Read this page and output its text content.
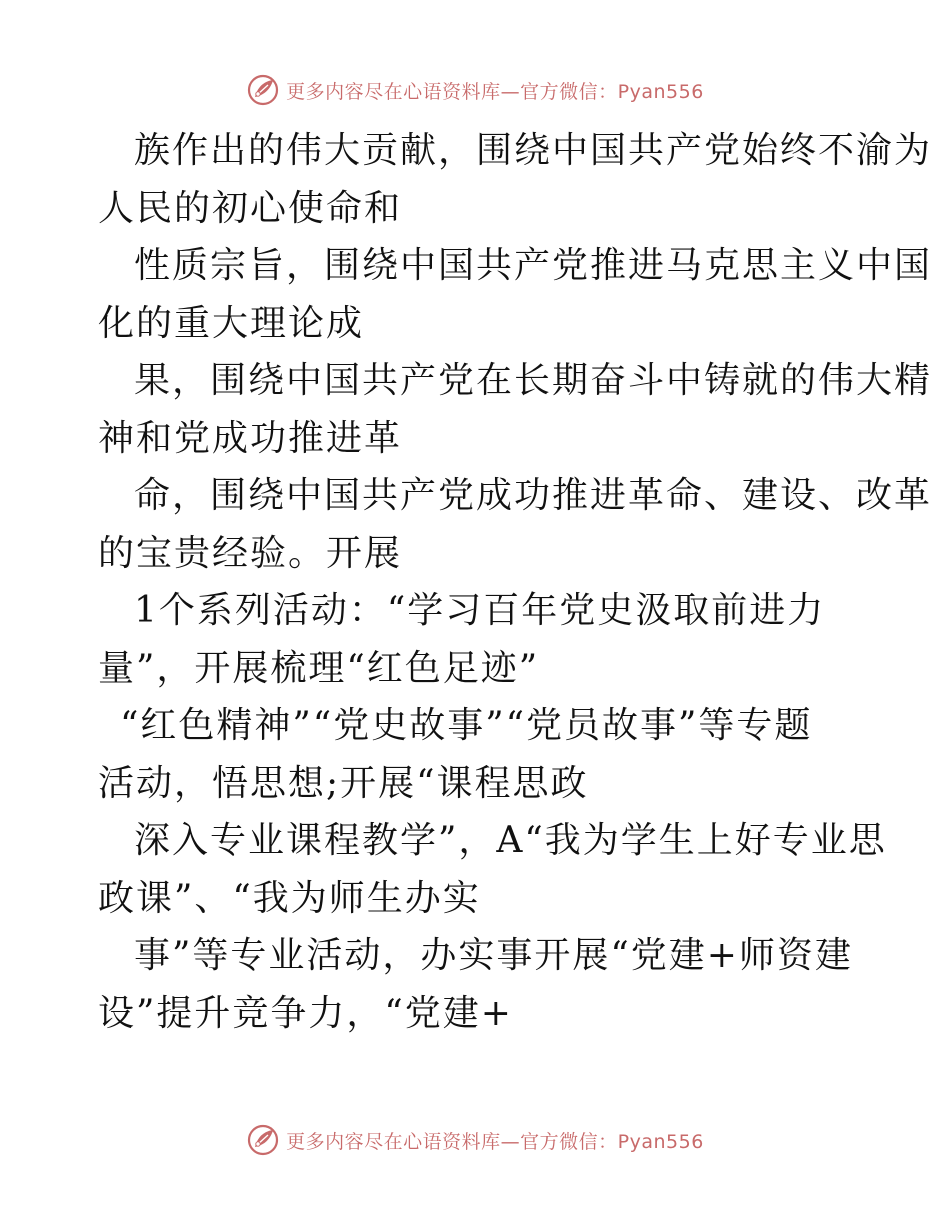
更多内容尽在心语资料库—官方微信：Pyan556
族作出的伟大贡献，围绕中国共产党始终不渝为
人民的初心使命和
性质宗旨，围绕中国共产党推进马克思主义中国
化的重大理论成
果，围绕中国共产党在长期奋斗中铸就的伟大精
神和党成功推进革
命，围绕中国共产党成功推进革命、建设、改革
的宝贵经验。开展
1个系列活动：“学习百年党史汲取前进力
量”，开展梳理“红色足迹”
“红色精神”“党史故事”“党员故事”等专题
活动，悟思想;开展“课程思政
深入专业课程教学”，A“我为学生上好专业思
政课”、“我为师生办实
事”等专业活动，办实事开展“党建+师资建
设”提升竞争力，“党建+
更多内容尽在心语资料库—官方微信：Pyan556
